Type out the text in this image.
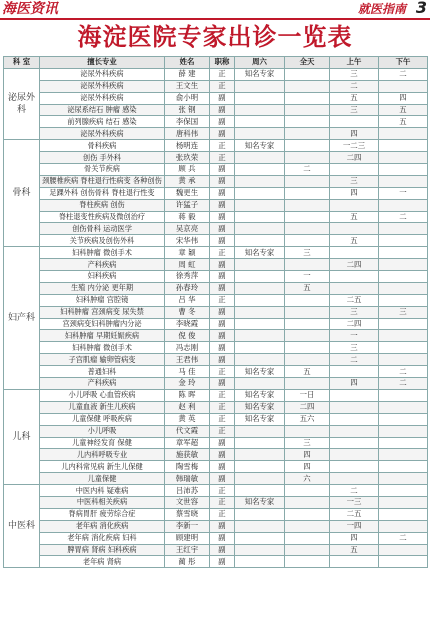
海医资讯	就医指南 3
海淀医院专家出诊一览表
科 室	擅长专业	姓名	职称	周六	全天	上午	下午
泌尿外科	泌尿外科疾病	薛 建	正	知名专家		三	二
	泌尿外科疾病	王文生	正			二	
	泌尿外科疾病	俞小明	副			五	四
	泌尿系结石 肿瘤 感染	张 钢	副			三	五
	前列腺疾病 结石 感染	李保国	副				五
	泌尿外科疾病	唐科伟	副			四	
骨科	骨科疾病	杨明连	正	知名专家		一二三	
	创伤 手外科	张玖荣	正			二四	
	骨关节疾病	顾 兵	副		二		
	颈腰椎疾病 脊柱退行性病变 各种创伤	黄 承	副			三	
	足踝外科 创伤骨科 脊柱退行性变	魏更生	副			四	一
	脊柱疾病 创伤	许猛子	副				
	脊柱退变性疾病及微创治疗	蒋 毅	副			五	二
	创伤骨科 运动医学	吴京亮	副				
	关节疾病及创伤外科	宋华伟	副			五	
妇产科	妇科肿瘤 微创手术	章 颖	正	知名专家	三		
	产科疾病	周 虹	副			二四	
	妇科疾病	徐秀萍	副		一		
	生殖 内分泌 更年期	孙春玲	副		五		
	妇科肿瘤 宫腔镜	吕 华	正			二五	
	妇科肿瘤 宫颈病变 尿失禁	曹 冬	副			三	三
	宫颈病变妇科肿瘤内分泌	李晓霞	副			二四	
	妇科肿瘤 早期妊娠疾病	倪 俊	副			一	
	妇科肿瘤 微创手术	冯志刚	副			三	
	子宫肌瘤 输卵管病变	王君伟	副			二	
	普通妇科	马 佳	正	知名专家	五		二
	产科疾病	金 玲	副			四	二
儿科	小儿呼吸 心血管疾病	陈 晖	正	知名专家	一日		
	儿童血液 新生儿疾病	赵 利	正	知名专家	二四		
	儿童保健 呼吸疾病	黄 英	正	知名专家	五六		
	小儿呼吸	代文霞	正				
	儿童神经发育 保健	章军超	副		三		
	儿内科呼吸专业	施获敏	副		四		
	儿内科常见病 新生儿保健	陶雪梅	副		四		
	儿童保健	韩瑞敏	副		六		
中医科	中医内科 疑难病	吕沛苏	正			二	
	中医科相关疾病	文世容	正	知名专家		一三	
	脊病胃肝 疲劳综合症	蔡雪晓	正			二五	
	老年病 消化疾病	李新一	副			一四	
	老年病 消化疾病 妇科	顾建明	副			四	二
	脾胃病 肾病 妇科疾病	王红宇	副			五	
	老年病 肾病	蔺 彤	副				
